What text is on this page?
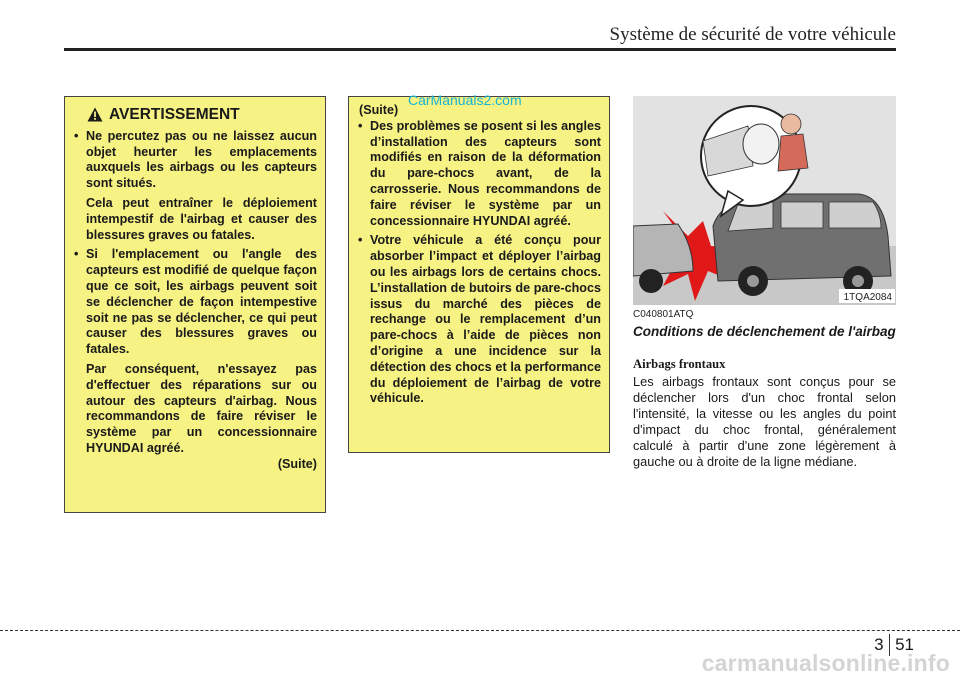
Système de sécurité de votre véhicule
AVERTISSEMENT
• Ne percutez pas ou ne laissez aucun objet heurter les emplacements auxquels les airbags ou les capteurs sont situés.
Cela peut entraîner le déploiement intempestif de l'airbag et causer des blessures graves ou fatales.
• Si l'emplacement ou l'angle des capteurs est modifié de quelque façon que ce soit, les airbags peuvent soit se déclencher de façon intempestive soit ne pas se déclencher, ce qui peut causer des blessures graves ou fatales.
Par conséquent, n'essayez pas d'effectuer des réparations sur ou autour des capteurs d'airbag. Nous recommandons de faire réviser le système par un concessionnaire HYUNDAI agréé.
(Suite)
(Suite)
• Des problèmes se posent si les angles d’installation des capteurs sont modifiés en raison de la déformation du pare-chocs avant, de la carrosserie. Nous recommandons de faire réviser le système par un concessionnaire HYUNDAI agréé.
• Votre véhicule a été conçu pour absorber l’impact et déployer l’airbag ou les airbags lors de certains chocs. L’installation de butoirs de pare-chocs issus du marché des pièces de rechange ou le remplacement d’un pare-chocs à l’aide de pièces non d’origine a une incidence sur la détection des chocs et la performance du déploiement de l’airbag de votre véhicule.
CarManuals2.com
1TQA2084
C040801ATQ
Conditions de déclenchement de l'airbag
Airbags frontaux
Les airbags frontaux sont conçus pour se déclencher lors d'un choc frontal selon l'intensité, la vitesse ou les angles du point d'impact du choc frontal, généralement calculé à partir d'une zone légèrement à gauche ou à droite de la ligne médiane.
3 51
carmanualsonline.info
